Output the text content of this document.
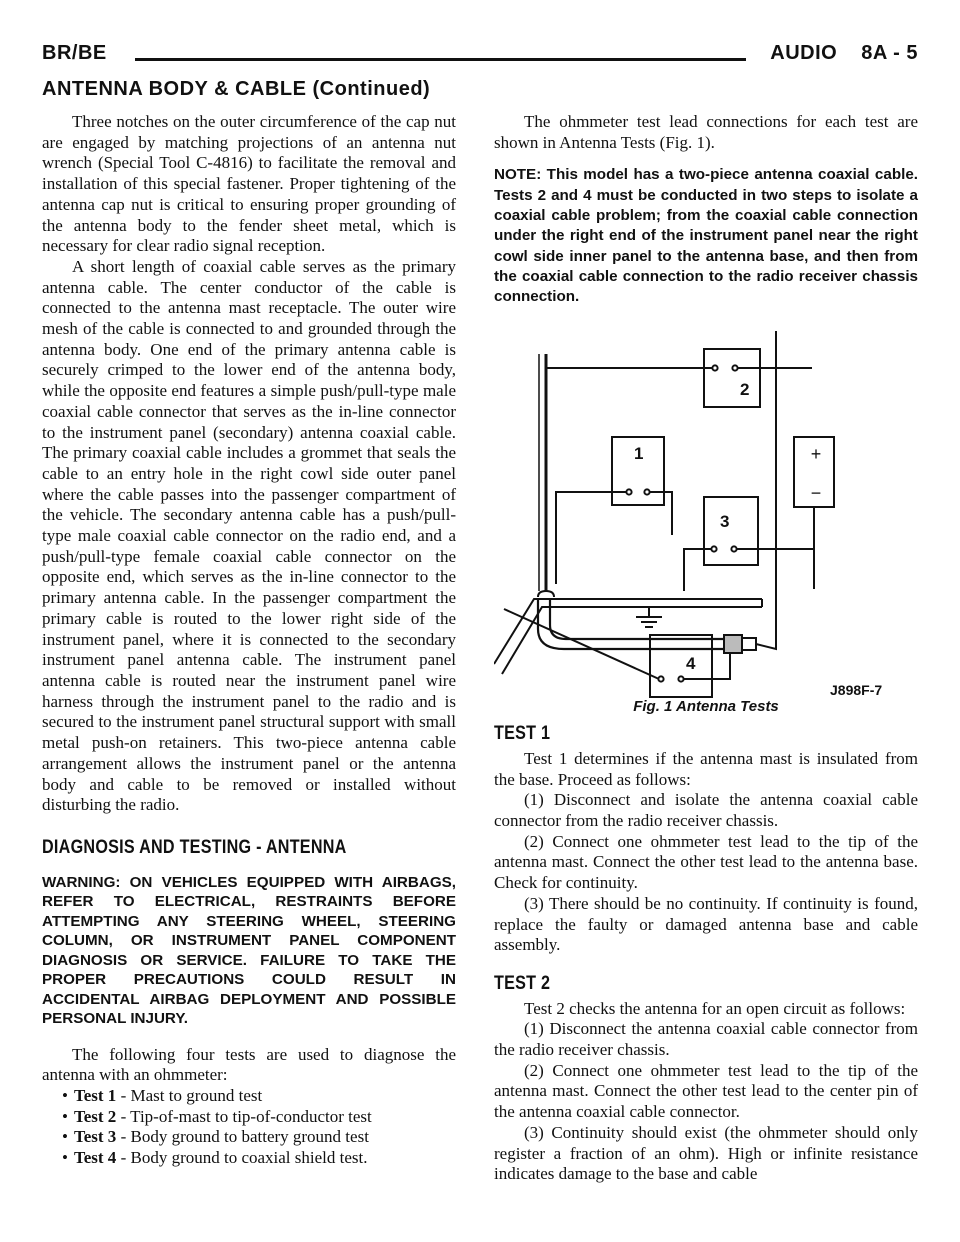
BR/BE	AUDIO 8A - 5
ANTENNA BODY & CABLE (Continued)

Three notches on the outer circumference of the cap nut are engaged by matching projections of an antenna nut wrench (Special Tool C-4816) to facilitate the removal and installation of this special fastener. Proper tightening of the antenna cap nut is critical to ensuring proper grounding of the antenna body to the fender sheet metal, which is necessary for clear radio signal reception.

A short length of coaxial cable serves as the primary antenna cable. The center conductor of the cable is connected to the antenna mast receptacle. The outer wire mesh of the cable is connected to and grounded through the antenna body. One end of the primary antenna cable is securely crimped to the lower end of the antenna body, while the opposite end features a simple push/pull-type male coaxial cable connector that serves as the in-line connector to the instrument panel (secondary) antenna coaxial cable. The primary coaxial cable includes a grommet that seals the cable to an entry hole in the right cowl side outer panel where the cable passes into the passenger compartment of the vehicle. The secondary antenna cable has a push/pull-type male coaxial cable connector on the radio end, and a push/pull-type female coaxial cable connector on the opposite end, which serves as the in-line connector to the primary antenna cable. In the passenger compartment the primary cable is routed to the lower right side of the instrument panel, where it is connected to the secondary instrument panel antenna cable. The instrument panel antenna cable is routed near the instrument panel wire harness through the instrument panel to the radio and is secured to the instrument panel structural support with small metal push-on retainers. This two-piece antenna cable arrangement allows the instrument panel or the antenna body and cable to be removed or installed without disturbing the radio.

DIAGNOSIS AND TESTING - ANTENNA

WARNING: ON VEHICLES EQUIPPED WITH AIRBAGS, REFER TO ELECTRICAL, RESTRAINTS BEFORE ATTEMPTING ANY STEERING WHEEL, STEERING COLUMN, OR INSTRUMENT PANEL COMPONENT DIAGNOSIS OR SERVICE. FAILURE TO TAKE THE PROPER PRECAUTIONS COULD RESULT IN ACCIDENTAL AIRBAG DEPLOYMENT AND POSSIBLE PERSONAL INJURY.

The following four tests are used to diagnose the antenna with an ohmmeter:

• Test 1 - Mast to ground test
• Test 2 - Tip-of-mast to tip-of-conductor test
• Test 3 - Body ground to battery ground test
• Test 4 - Body ground to coaxial shield test.

The ohmmeter test lead connections for each test are shown in Antenna Tests (Fig. 1).

NOTE: This model has a two-piece antenna coaxial cable. Tests 2 and 4 must be conducted in two steps to isolate a coaxial cable problem; from the coaxial cable connection under the right end of the instrument panel near the right cowl side inner panel to the antenna base, and then from the coaxial cable connection to the radio receiver chassis connection.

+
−
2
1
3
4
J898F-7

Fig. 1 Antenna Tests

TEST 1

Test 1 determines if the antenna mast is insulated from the base. Proceed as follows:

(1) Disconnect and isolate the antenna coaxial cable connector from the radio receiver chassis.

(2) Connect one ohmmeter test lead to the tip of the antenna mast. Connect the other test lead to the antenna base. Check for continuity.

(3) There should be no continuity. If continuity is found, replace the faulty or damaged antenna base and cable assembly.

TEST 2

Test 2 checks the antenna for an open circuit as follows:

(1) Disconnect the antenna coaxial cable connector from the radio receiver chassis.

(2) Connect one ohmmeter test lead to the tip of the antenna mast. Connect the other test lead to the center pin of the antenna coaxial cable connector.

(3) Continuity should exist (the ohmmeter should only register a fraction of an ohm). High or infinite resistance indicates damage to the base and cable
